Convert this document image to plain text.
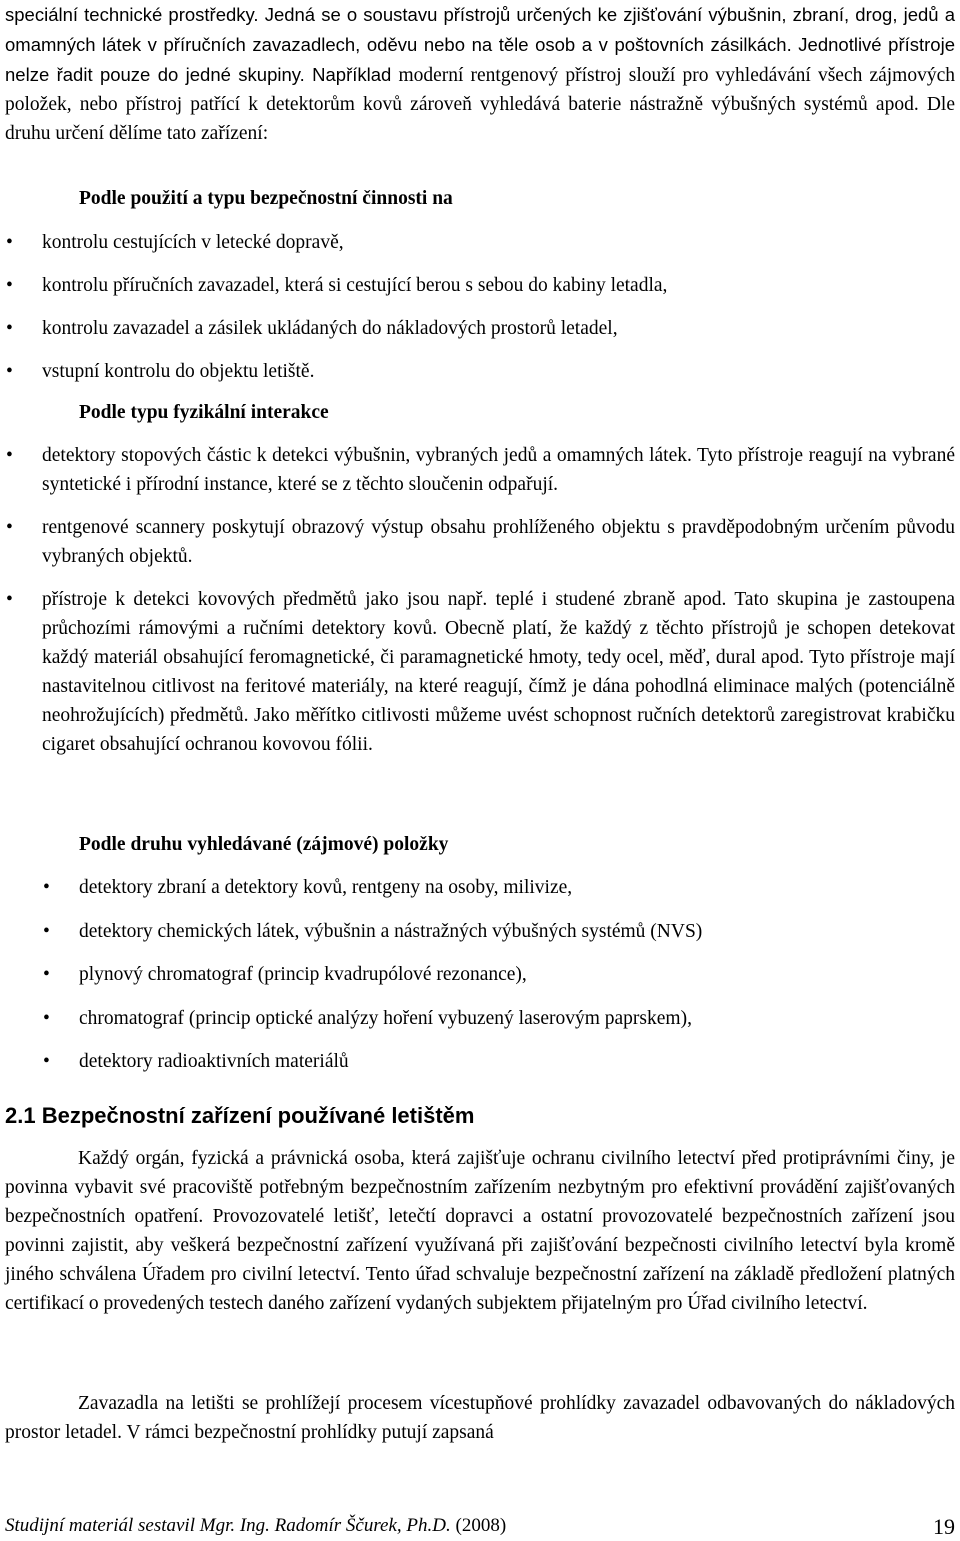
speciální technické prostředky. Jedná se o soustavu přístrojů určených ke zjišťování výbušnin, zbraní, drog, jedů a omamných látek v příručních zavazadlech, oděvu nebo na těle osob a v poštovních zásilkách. Jednotlivé přístroje nelze řadit pouze do jedné skupiny. Například moderní rentgenový přístroj slouží pro vyhledávání všech zájmových položek, nebo přístroj patřící k detektorům kovů zároveň vyhledává baterie nástražně výbušných systémů apod. Dle druhu určení dělíme tato zařízení:
Podle použití a typu bezpečnostní činnosti na
• kontrolu cestujících v letecké dopravě,
• kontrolu příručních zavazadel, která si cestující berou s sebou do kabiny letadla,
• kontrolu zavazadel a zásilek ukládaných do nákladových prostorů letadel,
• vstupní kontrolu do objektu letiště.
Podle typu fyzikální interakce
• detektory stopových částic k detekci výbušnin, vybraných jedů a omamných látek. Tyto přístroje reagují na vybrané syntetické i přírodní instance, které se z těchto sloučenin odpařují.
• rentgenové scannery poskytují obrazový výstup obsahu prohlíženého objektu s pravděpodobným určením původu vybraných objektů.
• přístroje k detekci kovových předmětů jako jsou např. teplé i studené zbraně apod. Tato skupina je zastoupena průchozími rámovými a ručními detektory kovů. Obecně platí, že každý z těchto přístrojů je schopen detekovat každý materiál obsahující feromagnetické, či paramagnetické hmoty, tedy ocel, měď, dural apod. Tyto přístroje mají nastavitelnou citlivost na feritové materiály, na které reagují, čímž je dána pohodlná eliminace malých (potenciálně neohrožujících) předmětů. Jako měřítko citlivosti můžeme uvést schopnost ručních detektorů zaregistrovat krabičku cigaret obsahující ochranou kovovou fólii.
Podle druhu vyhledávané (zájmové) položky
• detektory zbraní a detektory kovů, rentgeny na osoby, milivize,
• detektory chemických látek, výbušnin a nástražných výbušných systémů (NVS)
• plynový chromatograf (princip kvadrupólové rezonance),
• chromatograf (princip optické analýzy hoření vybuzený laserovým paprskem),
• detektory radioaktivních materiálů
2.1 Bezpečnostní zařízení používané letištěm
Každý orgán, fyzická a právnická osoba, která zajišťuje ochranu civilního letectví před protiprávními činy, je povinna vybavit své pracoviště potřebným bezpečnostním zařízením nezbytným pro efektivní provádění zajišťovaných bezpečnostních opatření. Provozovatelé letišť, letečtí dopravci a ostatní provozovatelé bezpečnostních zařízení jsou povinni zajistit, aby veškerá bezpečnostní zařízení využívaná při zajišťování bezpečnosti civilního letectví byla kromě jiného schválena Úřadem pro civilní letectví. Tento úřad schvaluje bezpečnostní zařízení na základě předložení platných certifikací o provedených testech daného zařízení vydaných subjektem přijatelným pro Úřad civilního letectví.
Zavazadla na letišti se prohlížejí procesem vícestupňové prohlídky zavazadel odbavovaných do nákladových prostor letadel. V rámci bezpečnostní prohlídky putují zapsaná
Studijní materiál sestavil Mgr. Ing. Radomír Ščurek, Ph.D. (2008)	19
